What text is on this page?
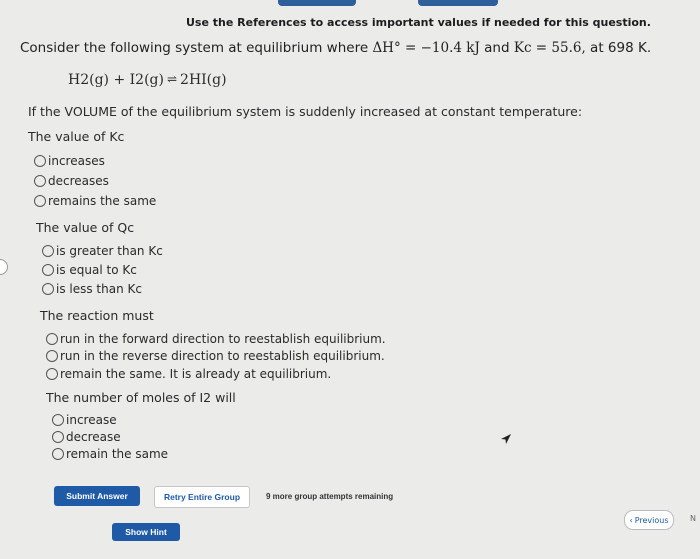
Use the References to access important values if needed for this question.
Consider the following system at equilibrium where ΔH° = −10.4 kJ and Kc = 55.6, at 698 K.
H2(g) + I2(g) ⇌ 2HI(g)
If the VOLUME of the equilibrium system is suddenly increased at constant temperature:
The value of Kc
increases
decreases
remains the same
The value of Qc
is greater than Kc
is equal to Kc
is less than Kc
The reaction must
run in the forward direction to reestablish equilibrium.
run in the reverse direction to reestablish equilibrium.
remain the same. It is already at equilibrium.
The number of moles of I2 will
increase
decrease
remain the same
Submit Answer	Retry Entire Group	9 more group attempts remaining
Show Hint
‹ Previous	N
